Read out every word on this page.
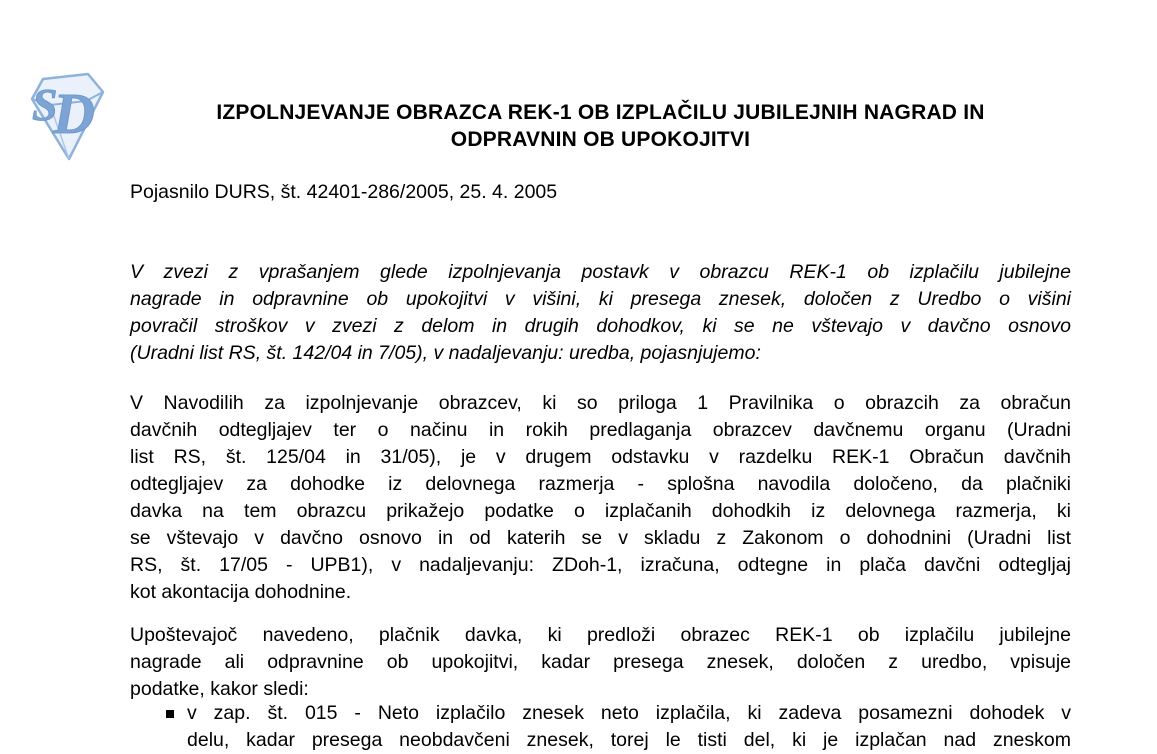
S
D	IZPOLNJEVANJE OBRAZCA REK-1 OB IZPLAČILU JUBILEJNIH NAGRAD IN
ODPRAVNIN OB UPOKOJITVI

Pojasnilo DURS, št. 42401-286/2005, 25. 4. 2005

V zvezi z vprašanjem glede izpolnjevanja postavk v obrazcu REK-1 ob izplačilu jubilejne
nagrade in odpravnine ob upokojitvi v višini, ki presega znesek, določen z Uredbo o višini
povračil stroškov v zvezi z delom in drugih dohodkov, ki se ne vštevajo v davčno osnovo
(Uradni list RS, št. 142/04 in 7/05), v nadaljevanju: uredba, pojasnjujemo:
V Navodilih za izpolnjevanje obrazcev, ki so priloga 1 Pravilnika o obrazcih za obračun
davčnih odtegljajev ter o načinu in rokih predlaganja obrazcev davčnemu organu (Uradni
list RS, št. 125/04 in 31/05), je v drugem odstavku v razdelku REK-1 Obračun davčnih
odtegljajev za dohodke iz delovnega razmerja - splošna navodila določeno, da plačniki
davka na tem obrazcu prikažejo podatke o izplačanih dohodkih iz delovnega razmerja, ki
se vštevajo v davčno osnovo in od katerih se v skladu z Zakonom o dohodnini (Uradni list
RS, št. 17/05 - UPB1), v nadaljevanju: ZDoh-1, izračuna, odtegne in plača davčni odtegljaj
kot akontacija dohodnine.
Upoštevajoč navedeno, plačnik davka, ki predloži obrazec REK-1 ob izplačilu jubilejne
nagrade ali odpravnine ob upokojitvi, kadar presega znesek, določen z uredbo, vpisuje
podatke, kakor sledi:
v zap. št. 015 - Neto izplačilo znesek neto izplačila, ki zadeva posamezni dohodek v
delu, kadar presega neobdavčeni znesek, torej le tisti del, ki je izplačan nad zneskom
